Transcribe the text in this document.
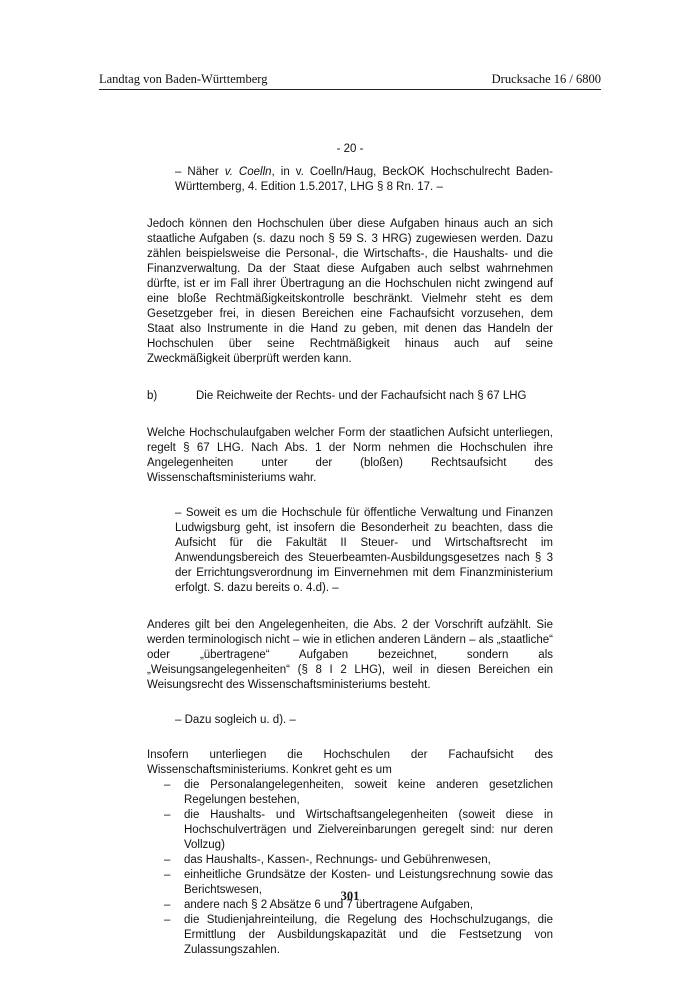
Landtag von Baden-Württemberg	Drucksache 16 / 6800
- 20 -

– Näher v. Coelln, in v. Coelln/Haug, BeckOK Hochschulrecht Baden-Württemberg, 4. Edition 1.5.2017, LHG § 8 Rn. 17. –

Jedoch können den Hochschulen über diese Aufgaben hinaus auch an sich staatliche Aufgaben (s. dazu noch § 59 S. 3 HRG) zugewiesen werden. Dazu zählen beispielsweise die Personal-, die Wirtschafts-, die Haushalts- und die Finanzverwaltung. Da der Staat diese Aufgaben auch selbst wahrnehmen dürfte, ist er im Fall ihrer Übertragung an die Hochschulen nicht zwingend auf eine bloße Rechtmäßigkeitskontrolle beschränkt. Vielmehr steht es dem Gesetzgeber frei, in diesen Bereichen eine Fachaufsicht vorzusehen, dem Staat also Instrumente in die Hand zu geben, mit denen das Handeln der Hochschulen über seine Rechtmäßigkeit hinaus auch auf seine Zweckmäßigkeit überprüft werden kann.

b)	Die Reichweite der Rechts- und der Fachaufsicht nach § 67 LHG

Welche Hochschulaufgaben welcher Form der staatlichen Aufsicht unterliegen, regelt § 67 LHG. Nach Abs. 1 der Norm nehmen die Hochschulen ihre Angelegenheiten unter der (bloßen) Rechtsaufsicht des Wissenschaftsministeriums wahr.

– Soweit es um die Hochschule für öffentliche Verwaltung und Finanzen Ludwigsburg geht, ist insofern die Besonderheit zu beachten, dass die Aufsicht für die Fakultät II Steuer- und Wirtschaftsrecht im Anwendungsbereich des Steuerbeamten-Ausbildungsgesetzes nach § 3 der Errichtungsverordnung im Einvernehmen mit dem Finanzministerium erfolgt. S. dazu bereits o. 4.d). –

Anderes gilt bei den Angelegenheiten, die Abs. 2 der Vorschrift aufzählt. Sie werden terminologisch nicht – wie in etlichen anderen Ländern – als „staatliche“ oder „übertragene“ Aufgaben bezeichnet, sondern als „Weisungsangelegenheiten“ (§ 8 I 2 LHG), weil in diesen Bereichen ein Weisungsrecht des Wissenschaftsministeriums besteht.

– Dazu sogleich u. d). –

Insofern unterliegen die Hochschulen der Fachaufsicht des Wissenschaftsministeriums. Konkret geht es um

– die Personalangelegenheiten, soweit keine anderen gesetzlichen Regelungen bestehen,
– die Haushalts- und Wirtschaftsangelegenheiten (soweit diese in Hochschulverträgen und Zielvereinbarungen geregelt sind: nur deren Vollzug)
– das Haushalts-, Kassen-, Rechnungs- und Gebührenwesen,
– einheitliche Grundsätze der Kosten- und Leistungsrechnung sowie das Berichtswesen,
– andere nach § 2 Absätze 6 und 7 übertragene Aufgaben,
– die Studienjahreinteilung, die Regelung des Hochschulzugangs, die Ermittlung der Ausbildungskapazität und die Festsetzung von Zulassungszahlen.
301
